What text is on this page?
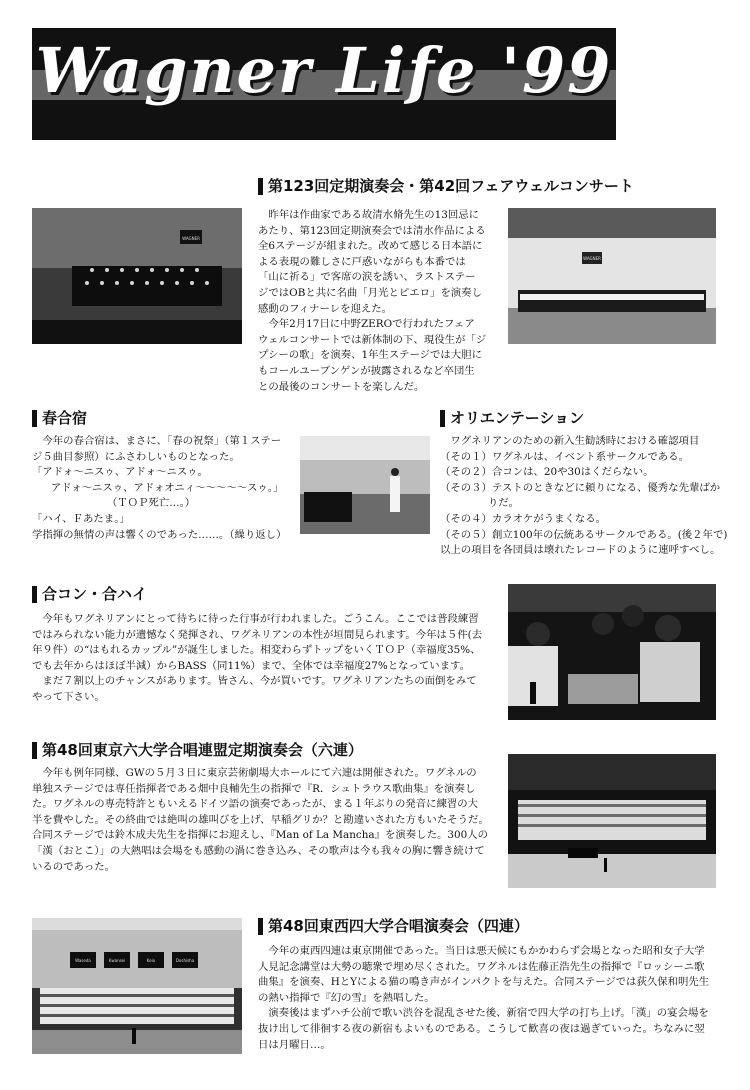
Wagner Life '99
第123回定期演奏会・第42回フェアウェルコンサート
WAGNER

昨年は作曲家である故清水脩先生の13回忌に

あたり、第123回定期演奏会では清水作品による

全6ステージが組まれた。改めて感じる日本語に

よる表現の難しさに戸惑いながらも本番では

「山に祈る」で客席の涙を誘い、ラストステー

ジではOBと共に名曲「月光とピエロ」を演奏し

感動のフィナーレを迎えた。

今年2月17日に中野ZEROで行われたフェア

ウェルコンサートでは新体制の下、現役生が「ジ

プシーの歌」を演奏、1年生ステージでは大胆に

もコールユーブンゲンが披露されるなど卒団生

との最後のコンサートを楽しんだ。

WAGNER
春合宿

今年の春合宿は、まさに、「春の祝祭」（第１ステー

ジ５曲目参照）にふさわしいものとなった。

「アドォ～ニスゥ、アドォ～ニスゥ。

アドォ～ニスゥ、アドォオニィ～～～～～スゥ。」

（ＴＯＰ死亡…。）

「ハイ、Ｆあたま。」

学指揮の無情の声は響くのであった……。（繰り返し）

オリエンテーション

ワグネリアンのための新入生勧誘時における確認項目

（その１）ワグネルは、イベント系サークルである。

（その２）合コンは、20や30はくだらない。

（その３）テストのときなどに頼りになる、優秀な先輩ばか

りだ。

（その４）カラオケがうまくなる。

（その５）創立100年の伝統あるサークルである。(後２年で)

以上の項目を各団員は壊れたレコードのように連呼すべし。

合コン・合ハイ

今年もワグネリアンにとって待ちに待った行事が行われました。ごうこん。ここでは普段練習

ではみられない能力が遺憾なく発揮され、ワグネリアンの本性が垣間見られます。今年は５件(去

年９件）の“はもれるカップル”が誕生しました。相変わらずトップをいくＴＯＰ（幸福度35%、

でも去年からはほぼ半減）からBASS（同11%）まで、全体では幸福度27%となっています。

まだ７割以上のチャンスがあります。皆さん、今が買いです。ワグネリアンたちの面倒をみて

やって下さい。

第48回東京六大学合唱連盟定期演奏会（六連）

今年も例年同様、GWの５月３日に東京芸術劇場大ホールにて六連は開催された。ワグネルの

単独ステージでは専任指揮者である畑中良輔先生の指揮で『R．シュトラウス歌曲集』を演奏し

た。ワグネルの専売特許ともいえるドイツ語の演奏であったが、まる１年ぶりの発音に練習の大

半を費やした。その終曲では絶叫の雄叫びを上げ、早稲グリか？と勘違いされた方もいたそうだ。

合同ステージでは鈴木成夫先生を指揮にお迎えし、『Man of La Mancha』を演奏した。300人の

「漢（おとこ）」の大熱唱は会場をも感動の渦に巻き込み、その歌声は今も我々の胸に響き続けて

いるのであった。

第48回東西四大学合唱演奏会（四連）
Waseda	Kwansei	Keio	Doshisha

今年の東西四連は東京開催であった。当日は悪天候にもかかわらず会場となった昭和女子大学

人見記念講堂は大勢の聴衆で埋め尽くされた。ワグネルは佐藤正浩先生の指揮で『ロッシーニ歌

曲集』を演奏、HとYによる猫の鳴き声がインパクトを与えた。合同ステージでは荻久保和明先生

の熱い指揮で『幻の雪』を熱唱した。

演奏後はまずハチ公前で歌い渋谷を混乱させた後、新宿で四大学の打ち上げ。「漢」の宴会場を

抜け出して徘徊する夜の新宿もよいものである。こうして歓喜の夜は過ぎていった。ちなみに翌

日は月曜日…。
